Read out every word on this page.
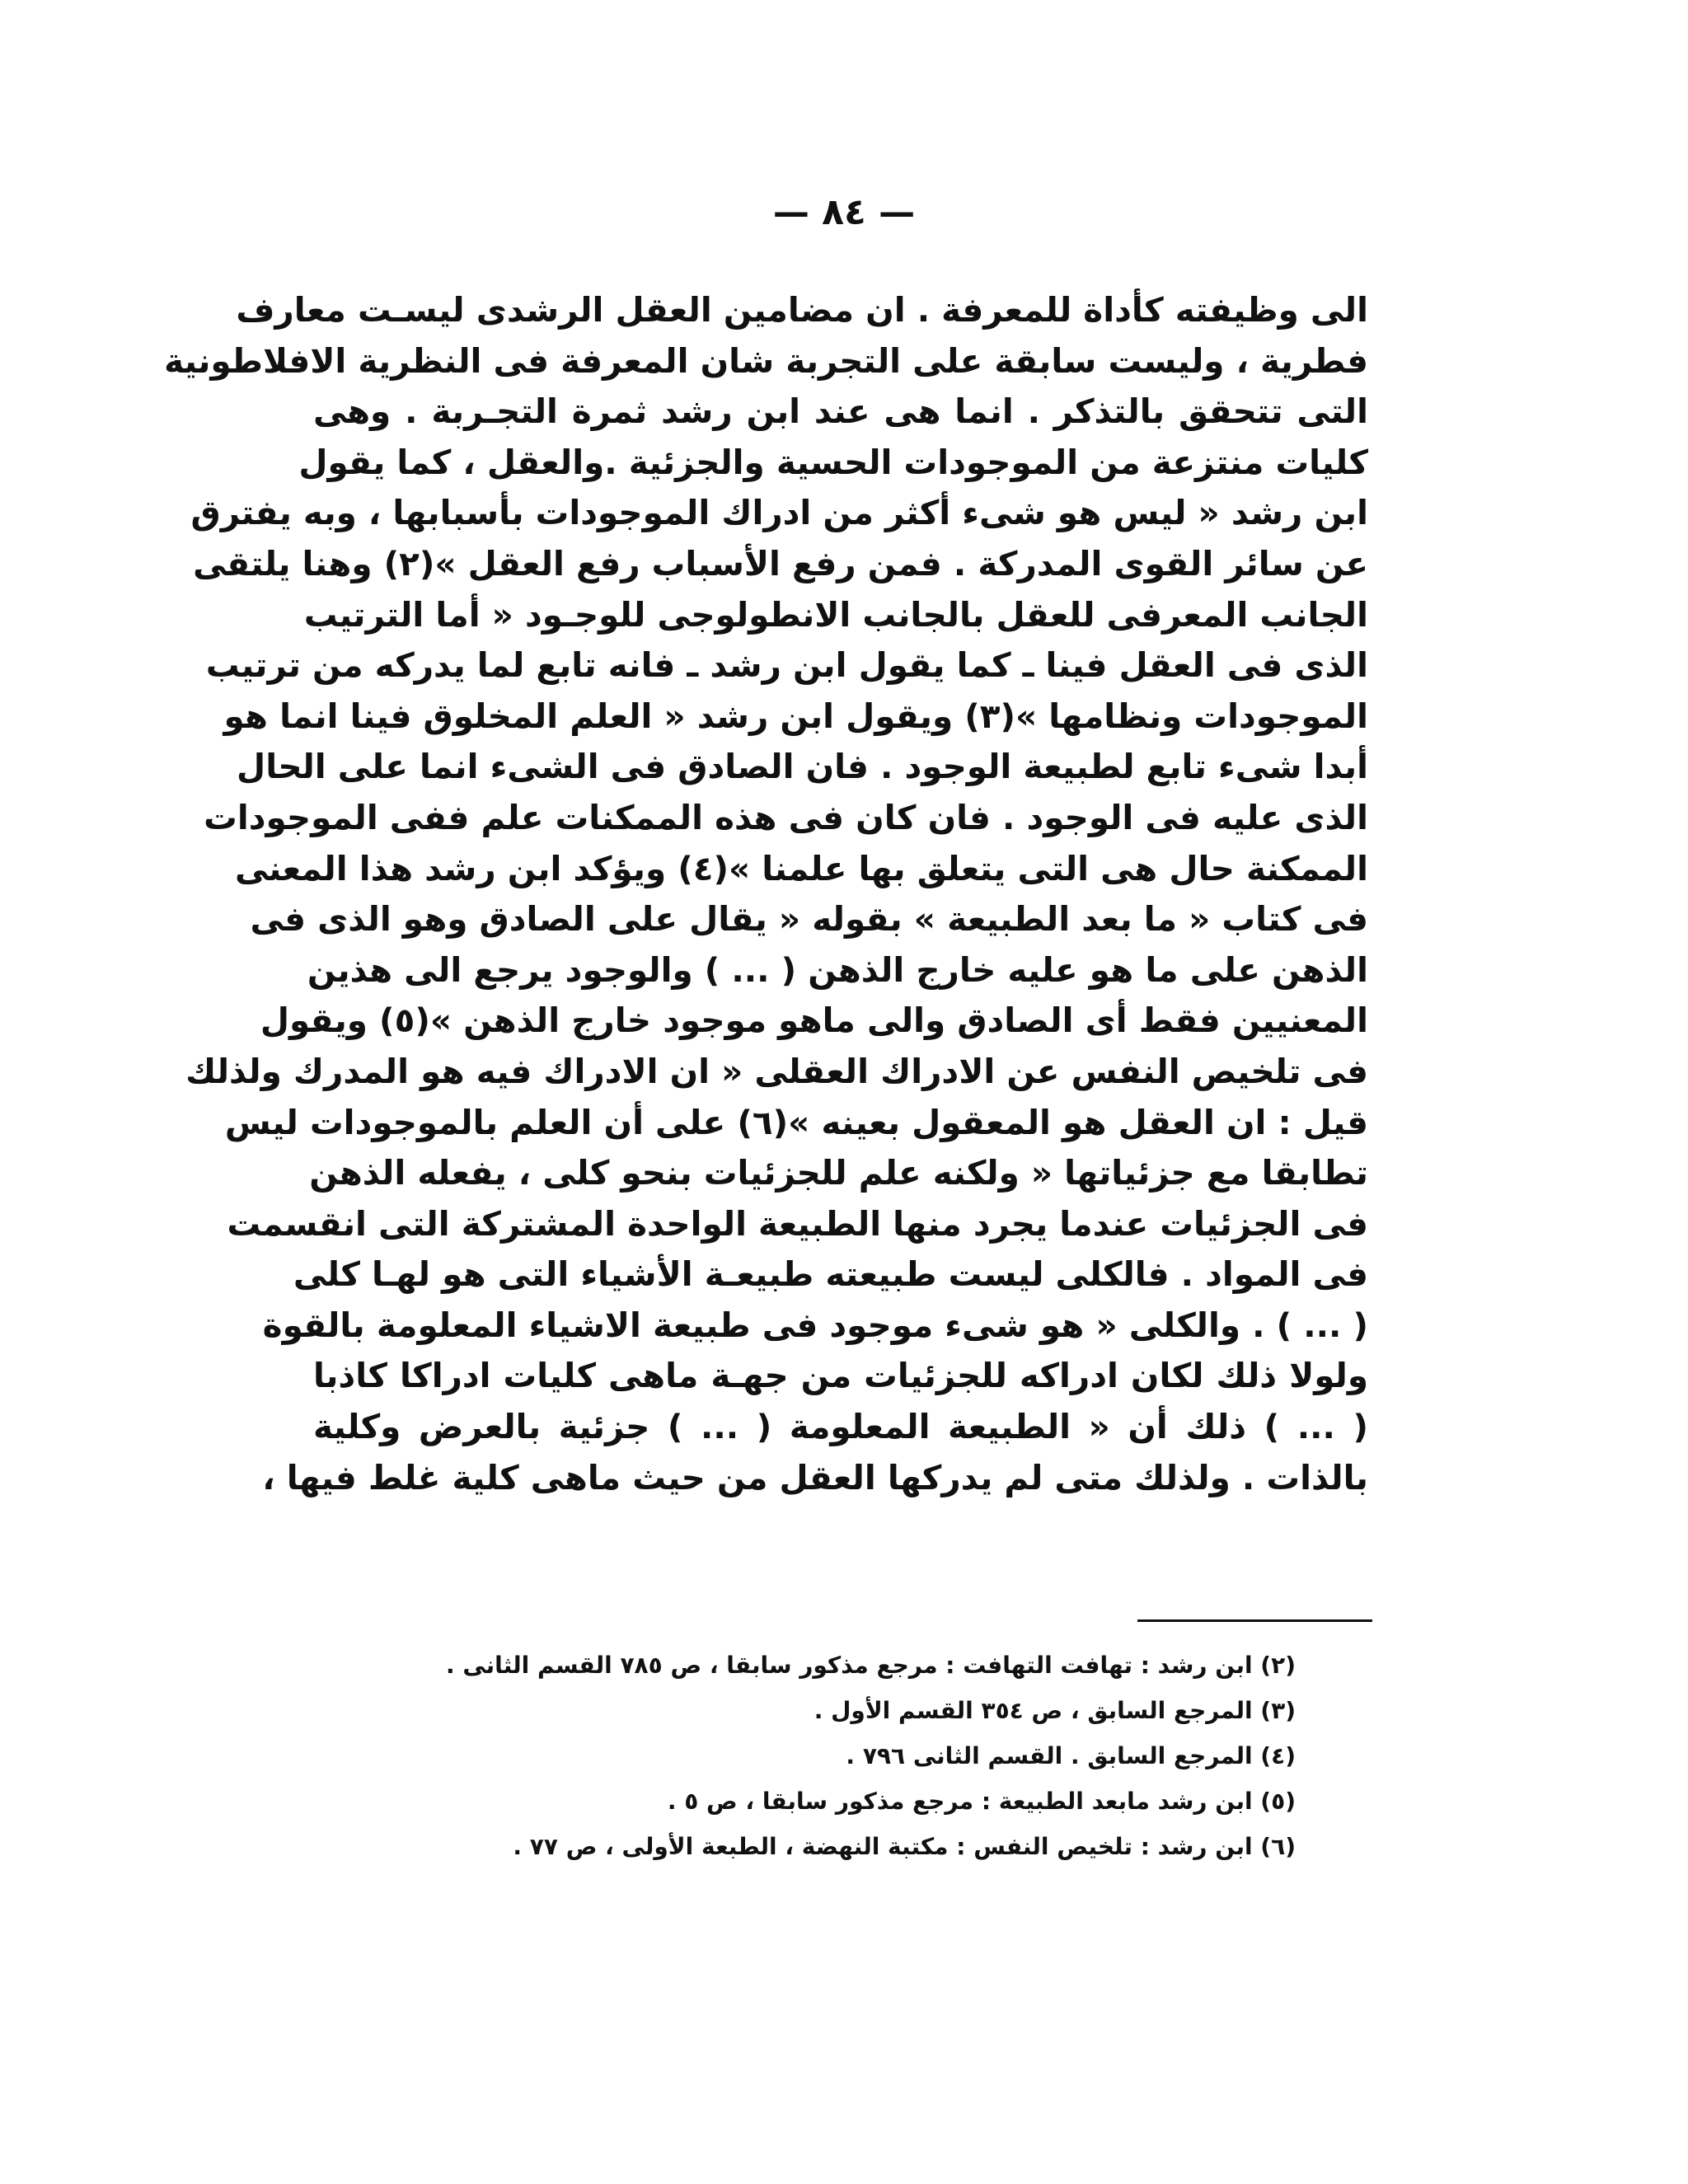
— ٨٤ —
الى وظيفته كأداة للمعرفة . ان مضامين العقل الرشدى ليسـت معارف
فطرية ، وليست سابقة على التجربة شان المعرفة فى النظرية الافلاطونية
التى تتحقق بالتذكر . انما هى عند ابن رشد ثمرة التجـربة . وهى
كليات منتزعة من الموجودات الحسية والجزئية .والعقل ، كما يقول
ابن رشد « ليس هو شىء أكثر من ادراك الموجودات بأسبابها ، وبه يفترق
عن سائر القوى المدركة . فمن رفع الأسباب رفع العقل »(٢) وهنا يلتقى
الجانب المعرفى للعقل بالجانب الانطولوجى للوجـود « أما الترتيب
الذى فى العقل فينا ـ كما يقول ابن رشد ـ فانه تابع لما يدركه من ترتيب
الموجودات ونظامها »(٣) ويقول ابن رشد « العلم المخلوق فينا انما هو
أبدا شىء تابع لطبيعة الوجود . فان الصادق فى الشىء انما على الحال
الذى عليه فى الوجود . فان كان فى هذه الممكنات علم ففى الموجودات
الممكنة حال هى التى يتعلق بها علمنا »(٤) ويؤكد ابن رشد هذا المعنى
فى كتاب « ما بعد الطبيعة » بقوله « يقال على الصادق وهو الذى فى
الذهن على ما هو عليه خارج الذهن ( ... ) والوجود يرجع الى هذين
المعنيين فقط أى الصادق والى ماهو موجود خارج الذهن »(٥) ويقول
فى تلخيص النفس عن الادراك العقلى « ان الادراك فيه هو المدرك ولذلك
قيل : ان العقل هو المعقول بعينه »(٦) على أن العلم بالموجودات ليس
تطابقا مع جزئياتها « ولكنه علم للجزئيات بنحو كلى ، يفعله الذهن
فى الجزئيات عندما يجرد منها الطبيعة الواحدة المشتركة التى انقسمت
فى المواد . فالكلى ليست طبيعته طبيعـة الأشياء التى هو لهـا كلى
( ... ) . والكلى « هو شىء موجود فى طبيعة الاشياء المعلومة بالقوة
ولولا ذلك لكان ادراكه للجزئيات من جهـة ماهى كليات ادراكا كاذبا
( ... ) ذلك أن « الطبيعة المعلومة ( ... ) جزئية بالعرض وكلية
بالذات . ولذلك متى لم يدركها العقل من حيث ماهى كلية غلط فيها ،
(٢) ابن رشد : تهافت التهافت : مرجع مذكور سابقا ، ص ٧٨٥ القسم الثانى .
(٣) المرجع السابق ، ص ٣٥٤ القسم الأول .
(٤) المرجع السابق . القسم الثانى ٧٩٦ .
(٥) ابن رشد مابعد الطبيعة : مرجع مذكور سابقا ، ص ٥ .
(٦) ابن رشد : تلخيص النفس : مكتبة النهضة ، الطبعة الأولى ، ص ٧٧ .
